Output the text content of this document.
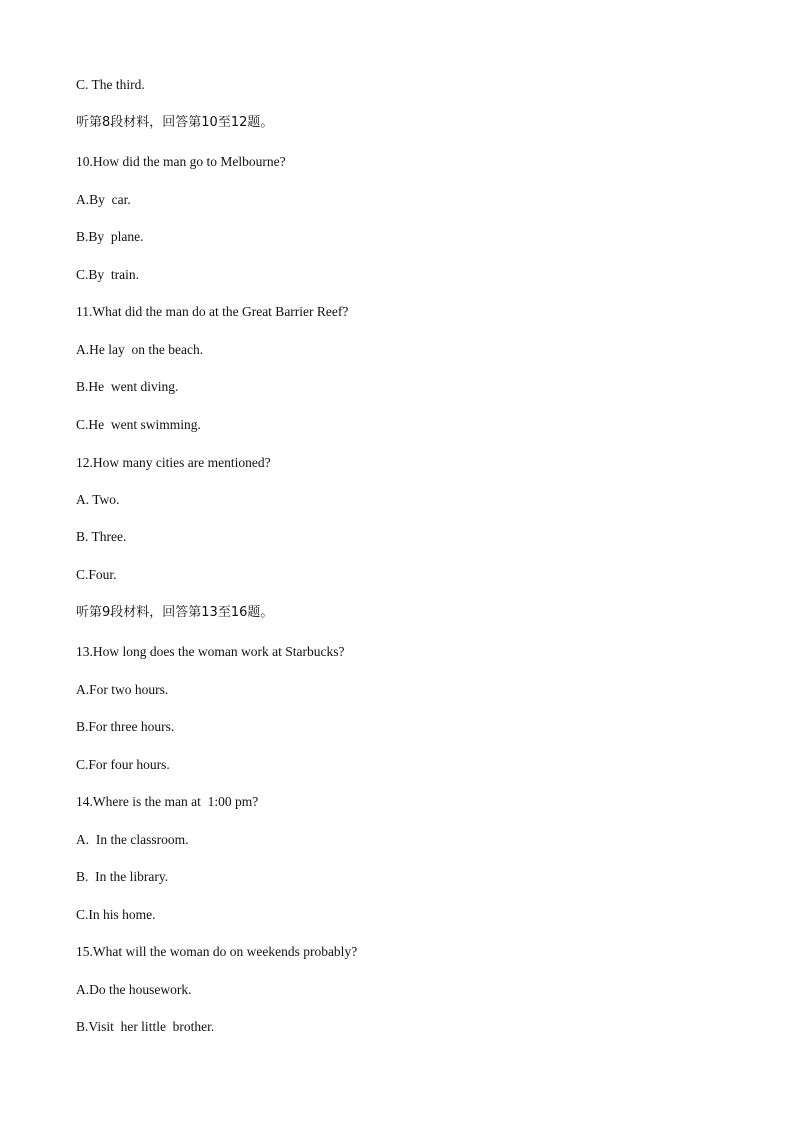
C. The third.
听第8段材料，回答第10至12题。
10.How did the man go to Melbourne?
A.By  car.
B.By  plane.
C.By  train.
11.What did the man do at the Great Barrier Reef?
A.He lay  on the beach.
B.He  went diving.
C.He  went swimming.
12.How many cities are mentioned?
A. Two.
B. Three.
C.Four.
听第9段材料，回答第13至16题。
13.How long does the woman work at Starbucks?
A.For two hours.
B.For three hours.
C.For four hours.
14.Where is the man at  1:00 pm?
A.  In the classroom.
B.  In the library.
C.In his home.
15.What will the woman do on weekends probably?
A.Do the housework.
B.Visit  her little  brother.
